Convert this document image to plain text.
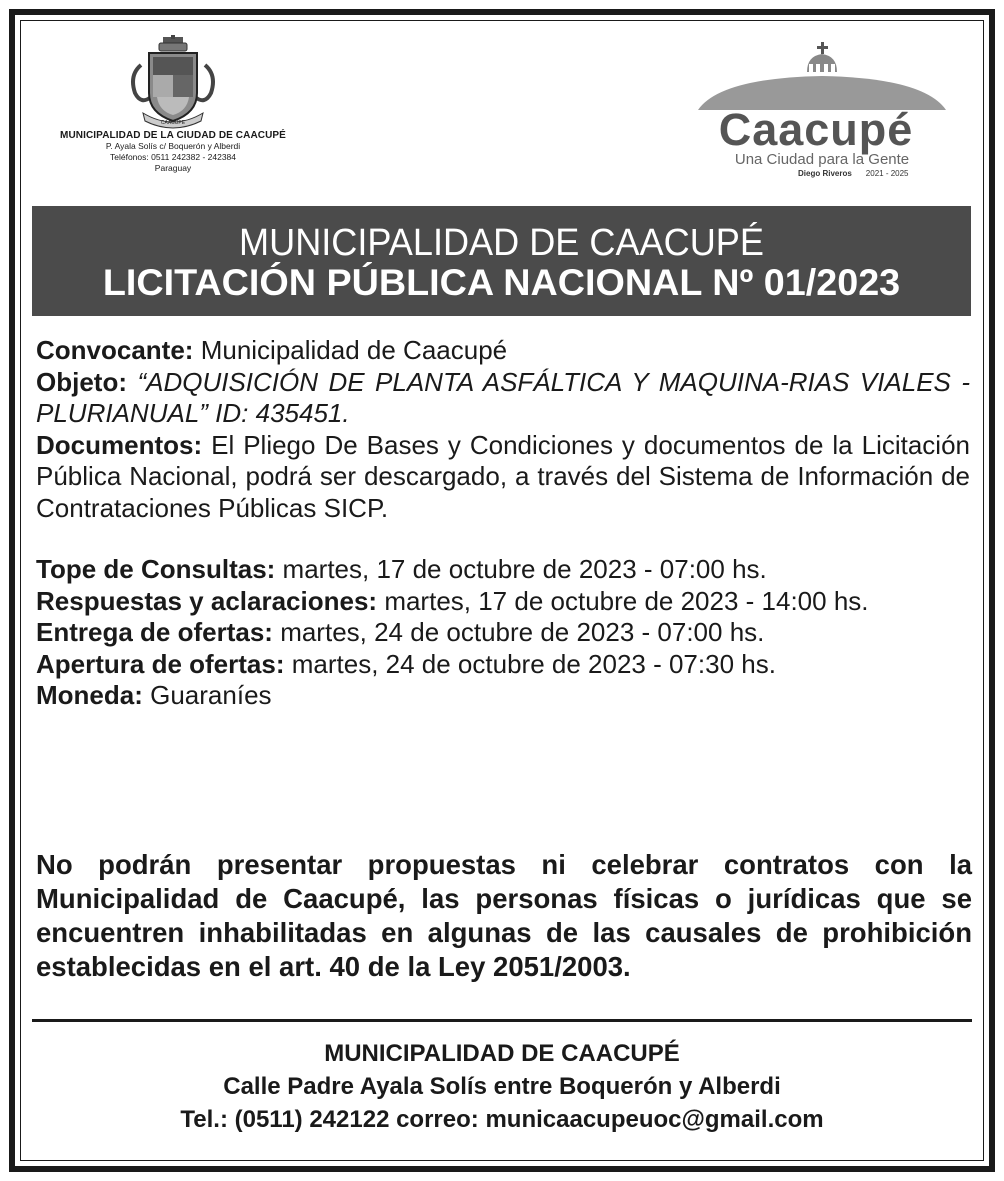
CAACUPE
MUNICIPALIDAD DE LA CIUDAD DE CAACUPÉ
P. Ayala Solís c/ Boquerón y Alberdi
Teléfonos: 0511 242382 - 242384
Paraguay
Caacupé
Una Ciudad para la Gente
Diego Riveros 2021 - 2025
MUNICIPALIDAD DE CAACUPÉ
LICITACIÓN PÚBLICA NACIONAL Nº 01/2023

Convocante: Municipalidad de Caacupé

Objeto: “ADQUISICIÓN DE PLANTA ASFÁLTICA Y MAQUINA-RIAS VIALES - PLURIANUAL” ID: 435451.

Documentos: El Pliego De Bases y Condiciones y documentos de la Licitación Pública Nacional, podrá ser descargado, a través del Sistema de Información de Contrataciones Públicas SICP.

Tope de Consultas: martes, 17 de octubre de 2023 - 07:00 hs.

Respuestas y aclaraciones: martes, 17 de octubre de 2023 - 14:00 hs.

Entrega de ofertas: martes, 24 de octubre de 2023 - 07:00 hs.

Apertura de ofertas: martes, 24 de octubre de 2023 - 07:30 hs.

Moneda: Guaraníes

No podrán presentar propuestas ni celebrar contratos con la Municipalidad de Caacupé, las personas físicas o jurídicas que se encuentren inhabilitadas en algunas de las causales de prohibición establecidas en el art. 40 de la Ley 2051/2003.
MUNICIPALIDAD DE CAACUPÉ
Calle Padre Ayala Solís entre Boquerón y Alberdi
Tel.: (0511) 242122 correo: municaacupeuoc@gmail.com
